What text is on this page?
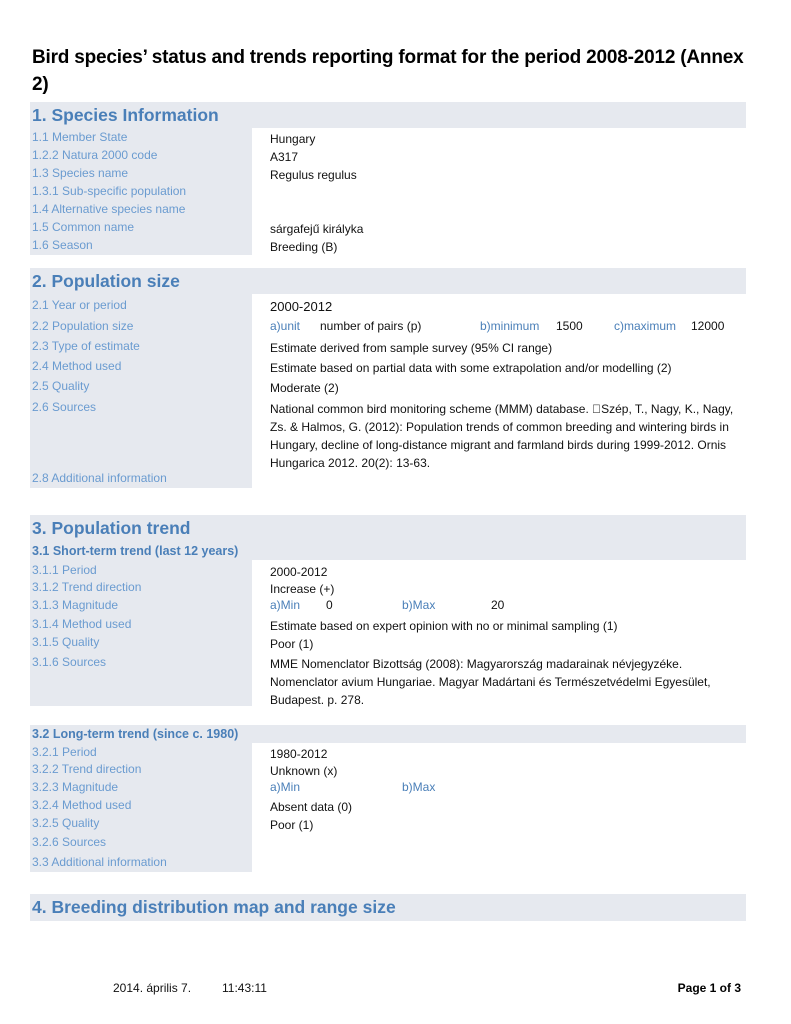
Bird species’ status and trends reporting format for the period 2008-2012 (Annex 2)
1. Species Information
1.1 Member State	Hungary
1.2.2 Natura 2000 code	A317
1.3 Species name	Regulus regulus
1.3.1 Sub-specific population
1.4 Alternative species name
1.5 Common name	sárgafejű királyka
1.6 Season	Breeding (B)
2. Population size
2.1 Year or period	2000-2012
2.2 Population size	a)unit number of pairs (p)	b)minimum 1500	c)maximum 12000
2.3 Type of estimate	Estimate derived from sample survey (95% CI range)
2.4 Method used	Estimate based on partial data with some extrapolation and/or modelling (2)
2.5 Quality	Moderate (2)
2.6 Sources	National common bird monitoring scheme (MMM) database.  Szép, T., Nagy, K., Nagy, Zs. & Halmos, G. (2012): Population trends of common breeding and wintering birds in Hungary, decline of long-distance migrant and farmland birds during 1999-2012. Ornis Hungarica 2012. 20(2): 13-63.
2.8 Additional information
3. Population trend
3.1 Short-term trend (last 12 years)
3.1.1 Period	2000-2012
3.1.2 Trend direction	Increase (+)
3.1.3 Magnitude	a)Min 0	b)Max	20
3.1.4 Method used	Estimate based on expert opinion with no or minimal sampling (1)
3.1.5 Quality	Poor (1)
3.1.6 Sources	MME Nomenclator Bizottság (2008): Magyarország madarainak névjegyzéke. Nomenclator avium Hungariae. Magyar Madártani és Természetvédelmi Egyesület, Budapest. p. 278.
3.2 Long-term trend (since c. 1980)
3.2.1 Period	1980-2012
3.2.2 Trend direction	Unknown (x)
3.2.3 Magnitude	a)Min	b)Max
3.2.4 Method used	Absent data (0)
3.2.5 Quality	Poor (1)
3.2.6 Sources
3.3 Additional information
4. Breeding distribution map and range size
2014. április 7.	11:43:11	Page 1 of 3
